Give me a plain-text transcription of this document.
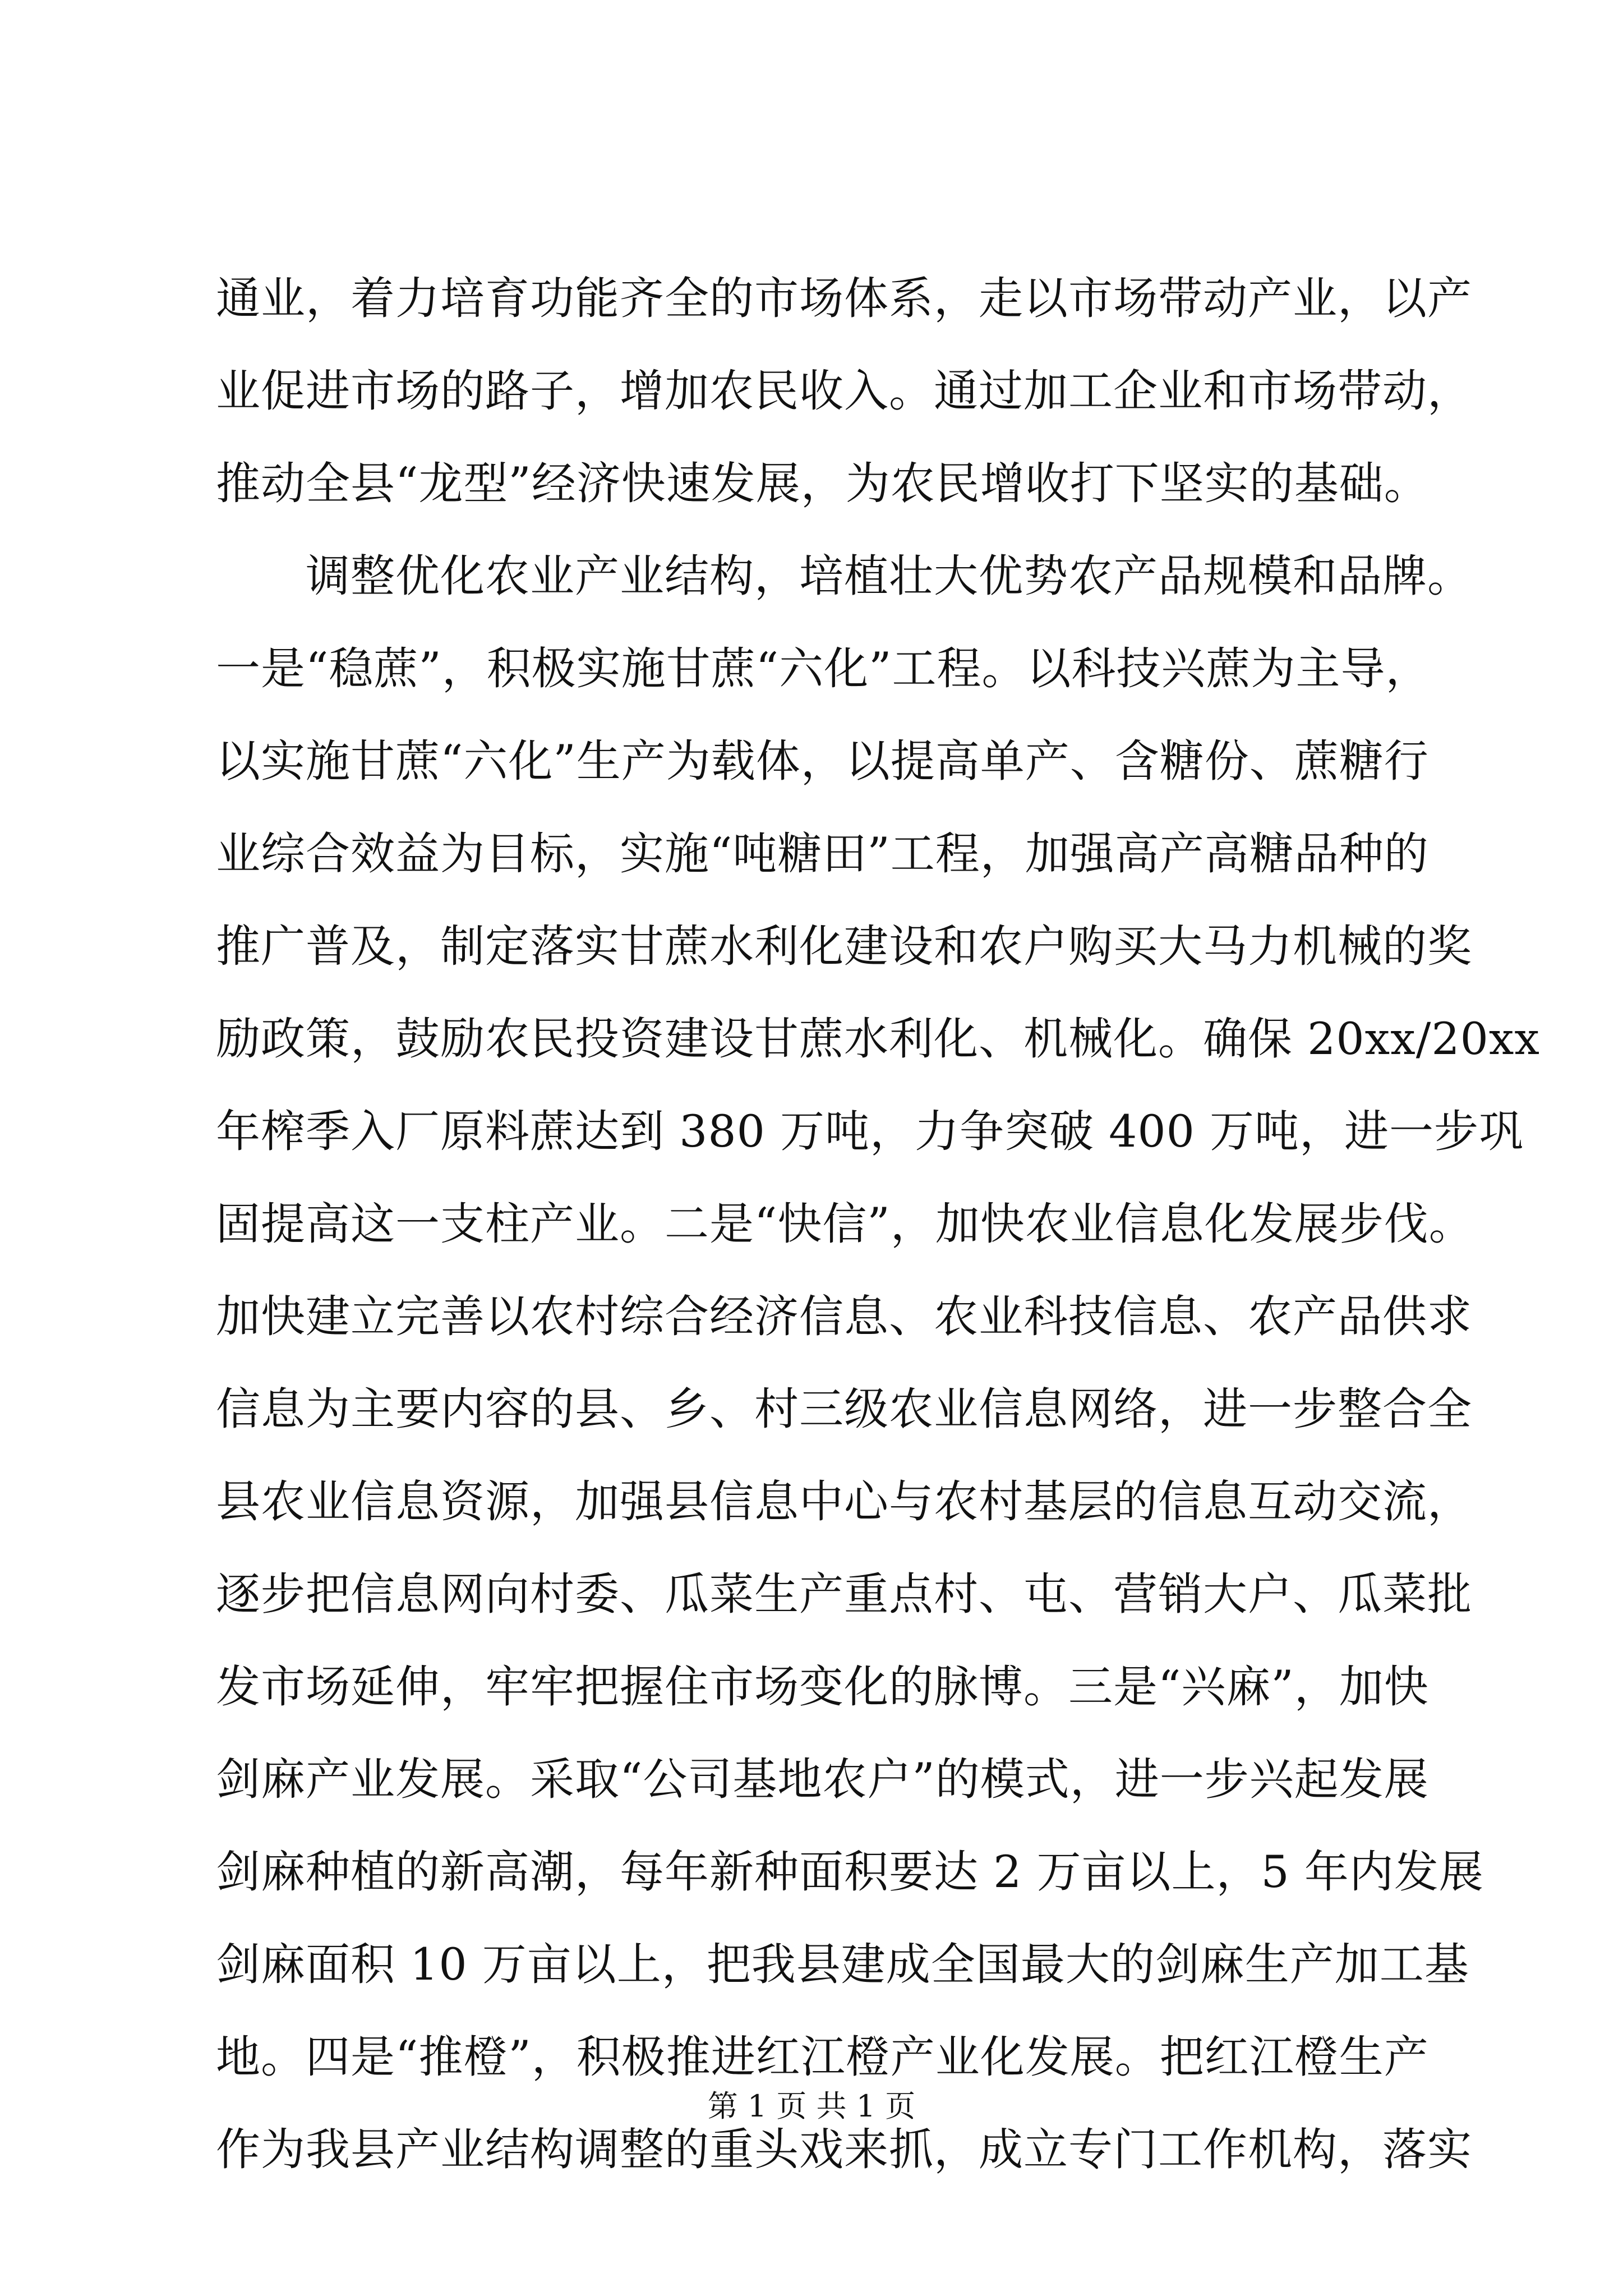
通业，着力培育功能齐全的市场体系，走以市场带动产业，以产
业促进市场的路子，增加农民收入。通过加工企业和市场带动，
推动全县“龙型”经济快速发展，为农民增收打下坚实的基础。
调整优化农业产业结构，培植壮大优势农产品规模和品牌。
一是“稳蔗”，积极实施甘蔗“六化”工程。以科技兴蔗为主导，
以实施甘蔗“六化”生产为载体，以提高单产、含糖份、蔗糖行
业综合效益为目标，实施“吨糖田”工程，加强高产高糖品种的
推广普及，制定落实甘蔗水利化建设和农户购买大马力机械的奖
励政策，鼓励农民投资建设甘蔗水利化、机械化。确保 20xx/20xx
年榨季入厂原料蔗达到 380 万吨，力争突破 400 万吨，进一步巩
固提高这一支柱产业。二是“快信”，加快农业信息化发展步伐。
加快建立完善以农村综合经济信息、农业科技信息、农产品供求
信息为主要内容的县、乡、村三级农业信息网络，进一步整合全
县农业信息资源，加强县信息中心与农村基层的信息互动交流，
逐步把信息网向村委、瓜菜生产重点村、屯、营销大户、瓜菜批
发市场延伸，牢牢把握住市场变化的脉博。三是“兴麻”，加快
剑麻产业发展。采取“公司基地农户”的模式，进一步兴起发展
剑麻种植的新高潮，每年新种面积要达 2 万亩以上，5 年内发展
剑麻面积 10 万亩以上，把我县建成全国最大的剑麻生产加工基
地。四是“推橙”，积极推进红江橙产业化发展。把红江橙生产
作为我县产业结构调整的重头戏来抓，成立专门工作机构，落实
第 1 页 共 1 页
